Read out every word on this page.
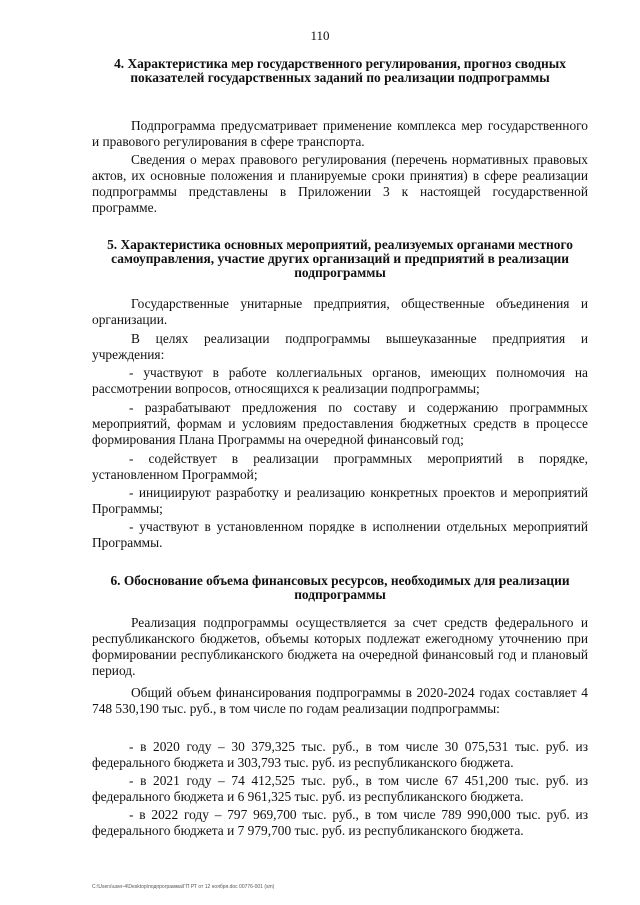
110
4. Характеристика мер государственного регулирования, прогноз сводных показателей государственных заданий по реализации подпрограммы

Подпрограмма предусматривает применение комплекса мер государственного и правового регулирования в сфере транспорта.

Сведения о мерах правового регулирования (перечень нормативных правовых актов, их основные положения и планируемые сроки принятия) в сфере реализации подпрограммы представлены в Приложении 3 к настоящей государственной программе.

5. Характеристика основных мероприятий, реализуемых органами местного самоуправления, участие других организаций и предприятий в реализации подпрограммы

Государственные унитарные предприятия, общественные объединения и организации.

В целях реализации подпрограммы вышеуказанные предприятия и учреждения:

- участвуют в работе коллегиальных органов, имеющих полномочия на рассмотрении вопросов, относящихся к реализации подпрограммы;

- разрабатывают предложения по составу и содержанию программных мероприятий, формам и условиям предоставления бюджетных средств в процессе формирования Плана Программы на очередной финансовый год;

- содействует в реализации программных мероприятий в порядке, установленном Программой;

- инициируют разработку и реализацию конкретных проектов и мероприятий Программы;

- участвуют в установленном порядке в исполнении отдельных мероприятий Программы.

6. Обоснование объема финансовых ресурсов, необходимых для реализации подпрограммы

Реализация подпрограммы осуществляется за счет средств федерального и республиканского бюджетов, объемы которых подлежат ежегодному уточнению при формировании республиканского бюджета на очередной финансовый год и плановый период.

Общий объем финансирования подпрограммы в 2020-2024 годах составляет 4 748 530,190 тыс. руб., в том числе по годам реализации подпрограммы:

- в 2020 году – 30 379,325 тыс. руб., в том числе 30 075,531 тыс. руб. из федерального бюджета и 303,793 тыс. руб. из республиканского бюджета.

- в 2021 году – 74 412,525 тыс. руб., в том числе 67 451,200 тыс. руб. из федерального бюджета и 6 961,325 тыс. руб. из республиканского бюджета.

- в 2022 году – 797 969,700 тыс. руб., в том числе 789 990,000 тыс. руб. из федерального бюджета и 7 979,700 тыс. руб. из республиканского бюджета.

С:\Users\user-4\Desktop\подпрограмма\ГП РТ от 12 ноября.doc 00776-001 (sm)
